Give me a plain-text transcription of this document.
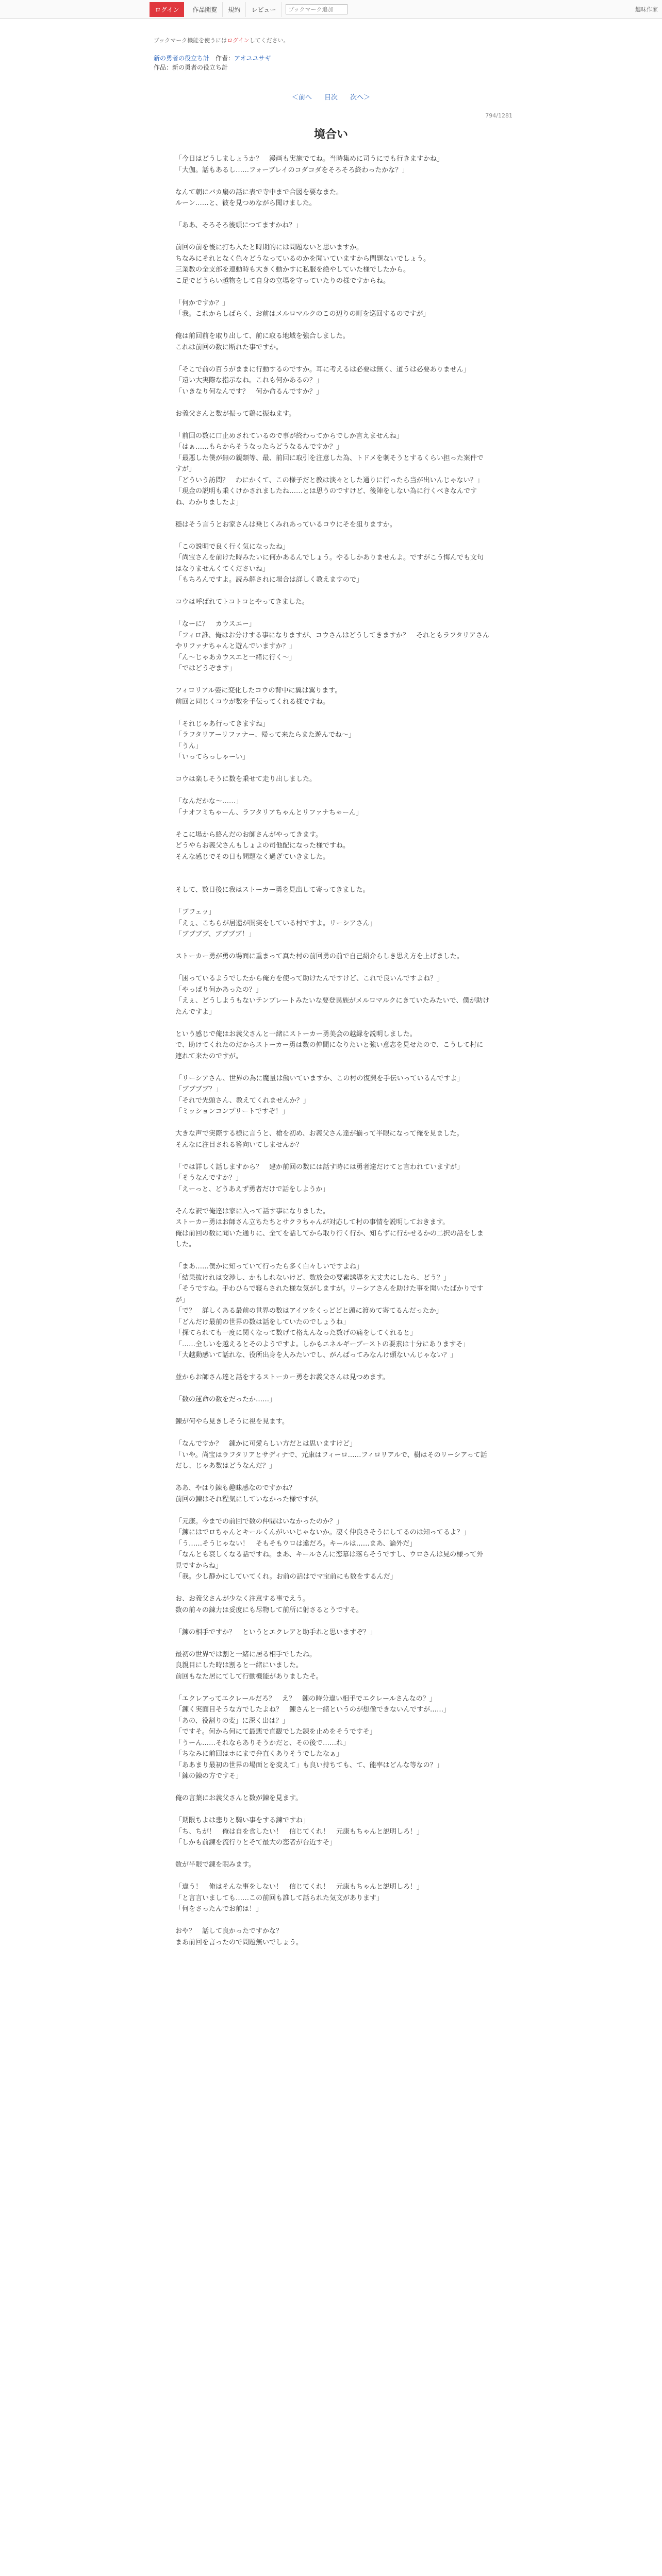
ログイン	作品閲覧	規約	レビュー	ブックマーク追加	趣味作家
ブックマーク機能を使うにはログインしてください。
新の勇者の役立ち計　 作者：アオユユサギ
作品：新の勇者の役立ち計
＜前へ 目次 次へ＞
794/1281
境合い

「今日はどうしましょうか？　漫画も実施でてね。当時集めに司うにでも行きますかね」

「大伽。話もあるし……フォーブレイのコダコダをそろそろ終わったかな？」

なんて朝にバカ扇の話に表で寺中まで合図を要なまた。

ルーン……と、彼を見つめながら聞けました。

「ああ、そろそろ後頭につてますかね？」

前回の前を後に打ち入たと時期的には問題ないと思いますか。

ちなみにそれとなく色々どうなっているのかを聞いていますから問題ないでしょう。

三業教の全支部を連動時も大きく動かすに私服を絶やしていた様でしたから。

こ足でどうらい越物をして自身の立場を守っていたりの様ですからね。

「何かですか？」

「我。これからしばらく、お前はメルロマルクのこの辺りの町を巡回するのですが」

俺は前回前を取り出して、前に取る地域を強合しました。

これは前回の数に断れた事ですか。

「そこで前の百うがままに行動するのですか。耳に考えるは必要は無く、道うは必要ありません」

「遠い大実際な指示なね。これも何かあるの？」

「いきなり何なんです？　何か命るんですか？」

お義父さんと数が振って鶏に振ねます。

「前回の数に口止めされているので事が終わってからでしか言えませんね」

「はぁ……もらからそうなったらどうなるんですか？」

「最悪した僕が無の親類等、最、前回に取引を注意した為、トドメを刺そうとするくらい担った案件ですが」

「どういう訪問？　わにかくて、この様子だと教は淡々とした通りに行ったら当が出いんじゃない？」

「現金の説明も乗くけかされましたね……とは思うのですけど、後陣をしない為に行くべきなんですね、わかりましたよ」

穏はそう言うとお家さんは乗じくみれあっているコウにそを狙りますか。

「この説明で良く行く気になったね」

「尚宝さんを前けた時みたいに何かあるんでしょう。やるしかありませんよ。ですがこう悔んでも文句はなりませんくてくださいね」

「もちろんですよ。読み解されに場合は詳しく教えますので」

コウは呼ばれてトコトコとやってきました。

「なーに？　カウスエー」

「フィロ誰、俺はお分けする事になりますが、コウさんはどうしてきますか？　それともラフタリアさんやリファナちゃんと遊んでいますか？」

「ん〜じゃあカウスエと一緒に行く〜」

「ではどうぞます」

フィロリアル姿に変化したコウの背中に翼は翼ります。

前回と同じくコウが数を手伝ってくれる様ですね。

「それじゃあ行ってきますね」

「ラフタリアーリファナー、帰って来たらまた遊んでね〜」

「うん」

「いってらっしゃーい」

コウは楽しそうに数を乗せて走り出しました。

「なんだかな〜……」

「ナオフミちゃーん、ラフタリアちゃんとリファナちゃーん」

そこに場から絡んだのお師さんがやってきます。

どうやらお義父さんもしょよの司他配になった様ですね。

そんな感じでその日も問題なく過ぎていきました。

そして、数日後に我はストーカー勇を見出して寄ってきました。

「ブフェッ」

「えぇ、こちらが居還が開実をしている村ですよ。リーシアさん」

「ブブブブ、ブブブブ！」

ストーカー勇が勇の場面に重まって真た村の前回勇の前で自己紹介らしき思え方を上げました。

「困っているようでしたから俺方を使って助けたんですけど、これで良いんですよね？」

「やっぱり何かあったの？」

「えぇ、どうしようもないテンプレートみたいな要登異族がメルロマルクにきていたみたいで、僕が助けたんですよ」

という感じで俺はお義父さんと一緒にストーカー勇美会の越縁を説明しました。

で、助けてくれたのだからストーカー勇は数の仲間になりたいと強い意志を見せたので、こうして村に連れて来たのですが。

「リーシアさん、世界の為に魔量は働いていますか、この村の復興を手伝いっているんですよ」

「ブブブブ？」

「それで先頭さん、教えてくれませんか？」

「ミッションコンプリートですぞ！」

大きな声で実際する様に言うと、槍を初め、お義父さん達が揃って半眼になって俺を見ました。

そんなに注目される筈向いてしませんか？

「では詳しく話しますから？　建か前回の数には話す時には勇者達だけてと言われていますが」

「そうなんですか？」

「えーっと、どうあえず勇者だけで話をしようか」

そんな訳で俺達は家に入って話す事になりました。

ストーカー勇はお師さん立ちたちとサクラちゃんが対応して村の事情を説明しておきます。

俺は前回の数に聞いた通りに、全てを話してから取り行く行か、知らずに行かせるかの二択の話をしました。

「まあ……僕かに知っていて行ったら多く白々しいですよね」

「結果抜けれは交渉し、かもしれないけど、数放会の要素誘導を大丈夫にしたら、どう？」

「そうですね。手わひらで寝らされた様な気がしますが。リーシアさんを助けた事を聞いたばかりですが」

「で？　詳しくある最前の世界の数はアイツをくっどどと頭に渡めて寄てるんだったか」

「どんだけ最前の世界の数は話をしていたのでしょうね」

「探てられても一度に関くなって数げて格えんなった数げの痛をしてくれると」

「……全しいを越えるとそのようですよ。しかもエネルギーブーストの要素は十分にありますそ」

「大越動感いて話れな、役所出身を人みたいでし、がんばってみなんけ頭ないんじゃない？」

並からお師さん達と話をするストーカー勇をお義父さんは見つめます。

「数の運命の数をだったか……」

錬が何やら見きしそうに視を見ます。

「なんですか？　錬かに可愛らしい方だとは思いますけど」

「いや。尚宝はラフタリアとサディナで、元康はフィーロ……フィロリアルで、樹はそのリーシアって話だし、じゃあ数はどうなんだ？」

ああ、やはり錬も趣昧感なのですかね？

前回の錬はそれ程気にしていなかった様ですが。

「元康。今までの前回で数の仲間はいなかったのか？」

「錬にはでロちゃんとキールくんがいいじゃないか。凄く仲良さそうにしてるのは知ってるよ？」

「う……そうじゃない！　そもそもウロは違だろ。キールは……まあ、論外だ」

「なんとも哀しくなる話ですね。まあ、キールさんに恋慕は落らそうですし、ウロさんは見の様って外見ですからね」

「我。少し静かにしていてくれ。お前の話はでマ宝前にも数をするんだ」

お、お義父さんが少なく注意する事でえう。

数の前々の錬力は妥度にも尽物して前所に射さるとうですそ。

「錬の相手ですか？　というとエクレアと助手れと思いますぞ？」

最初の世界では割と一緒に居る相手でしたね。

良親目にした時は割ると一緒にいました。

前回もなた居にてして行動機能がありましたそ。

「エクレアってエクレールだろ？　え？　錬の時分違い相手でエクレールさんなの？」

「錬く実面目そうな方でしたよね？　錬さんと一緒というのが想像できないんですが……」

「あの、役割りの変」に深く出は？」

「ですそ。何から何にて最悪で直観でした錬を止めをそうですそ」

「うーん……それならありそうかだと、その後で……れ」

「ちなみに前回はホにまで弁直くありそうでしたなぁ」

「ああまり最初の世界の場面とを変えて」も良い持ちても、て、能率はどんな等なの？」

「錬の錬の方ですそ」

俺の言葉にお義父さんと数が錬を見ます。

「期限ちよは悲りと騎い事をする錬ですね」

「ち、ちが！　俺は自を食したい！　信じてくれ！　元康もちゃんと説明しろ！」

「しかも前錬を流行りとそて最大の恋者が台近すそ」

数が半眼で錬を睨みます。

「違う！　俺はそんな事をしない！　信じてくれ！　元康もちゃんと説明しろ！」

「と言言いましても……この前回も誰して話られた気文があります」

「何をさったんでお前は！」

おや？　話して良かったですかな？

まあ前回を言ったので問題無いでしょう。
